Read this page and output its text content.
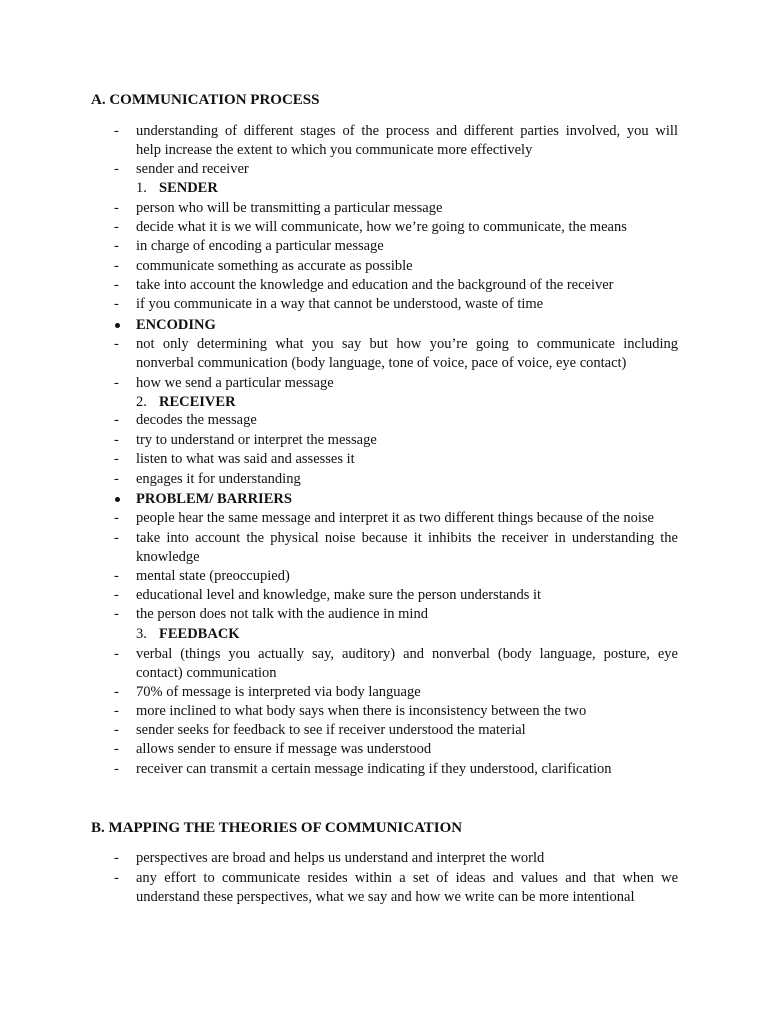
A. COMMUNICATION PROCESS
-	understanding of different stages of the process and different parties involved, you will
help increase the extent to which you communicate more effectively
-	sender and receiver
1. SENDER
-	person who will be transmitting a particular message
-	decide what it is we will communicate, how we’re going to communicate, the means
-	in charge of encoding a particular message
-	communicate something as accurate as possible
-	take into account the knowledge and education and the background of the receiver
-	if you communicate in a way that cannot be understood, waste of time
ENCODING
-	not only determining what you say but how you’re going to communicate including
nonverbal communication (body language, tone of voice, pace of voice, eye contact)
-	how we send a particular message
2. RECEIVER
-	decodes the message
-	try to understand or interpret the message
-	listen to what was said and assesses it
-	engages it for understanding
PROBLEM/ BARRIERS
-	people hear the same message and interpret it as two different things because of the noise
-	take into account the physical noise because it inhibits the receiver in understanding the
knowledge
-	mental state (preoccupied)
-	educational level and knowledge, make sure the person understands it
-	the person does not talk with the audience in mind
3. FEEDBACK
-	verbal (things you actually say, auditory) and nonverbal (body language, posture, eye
contact) communication
-	70% of message is interpreted via body language
-	more inclined to what body says when there is inconsistency between the two
-	sender seeks for feedback to see if receiver understood the material
-	allows sender to ensure if message was understood
-	receiver can transmit a certain message indicating if they understood, clarification
B. MAPPING THE THEORIES OF COMMUNICATION
-	perspectives are broad and helps us understand and interpret the world
-	any effort to communicate resides within a set of ideas and values and that when we
understand these perspectives, what we say and how we write can be more intentional
